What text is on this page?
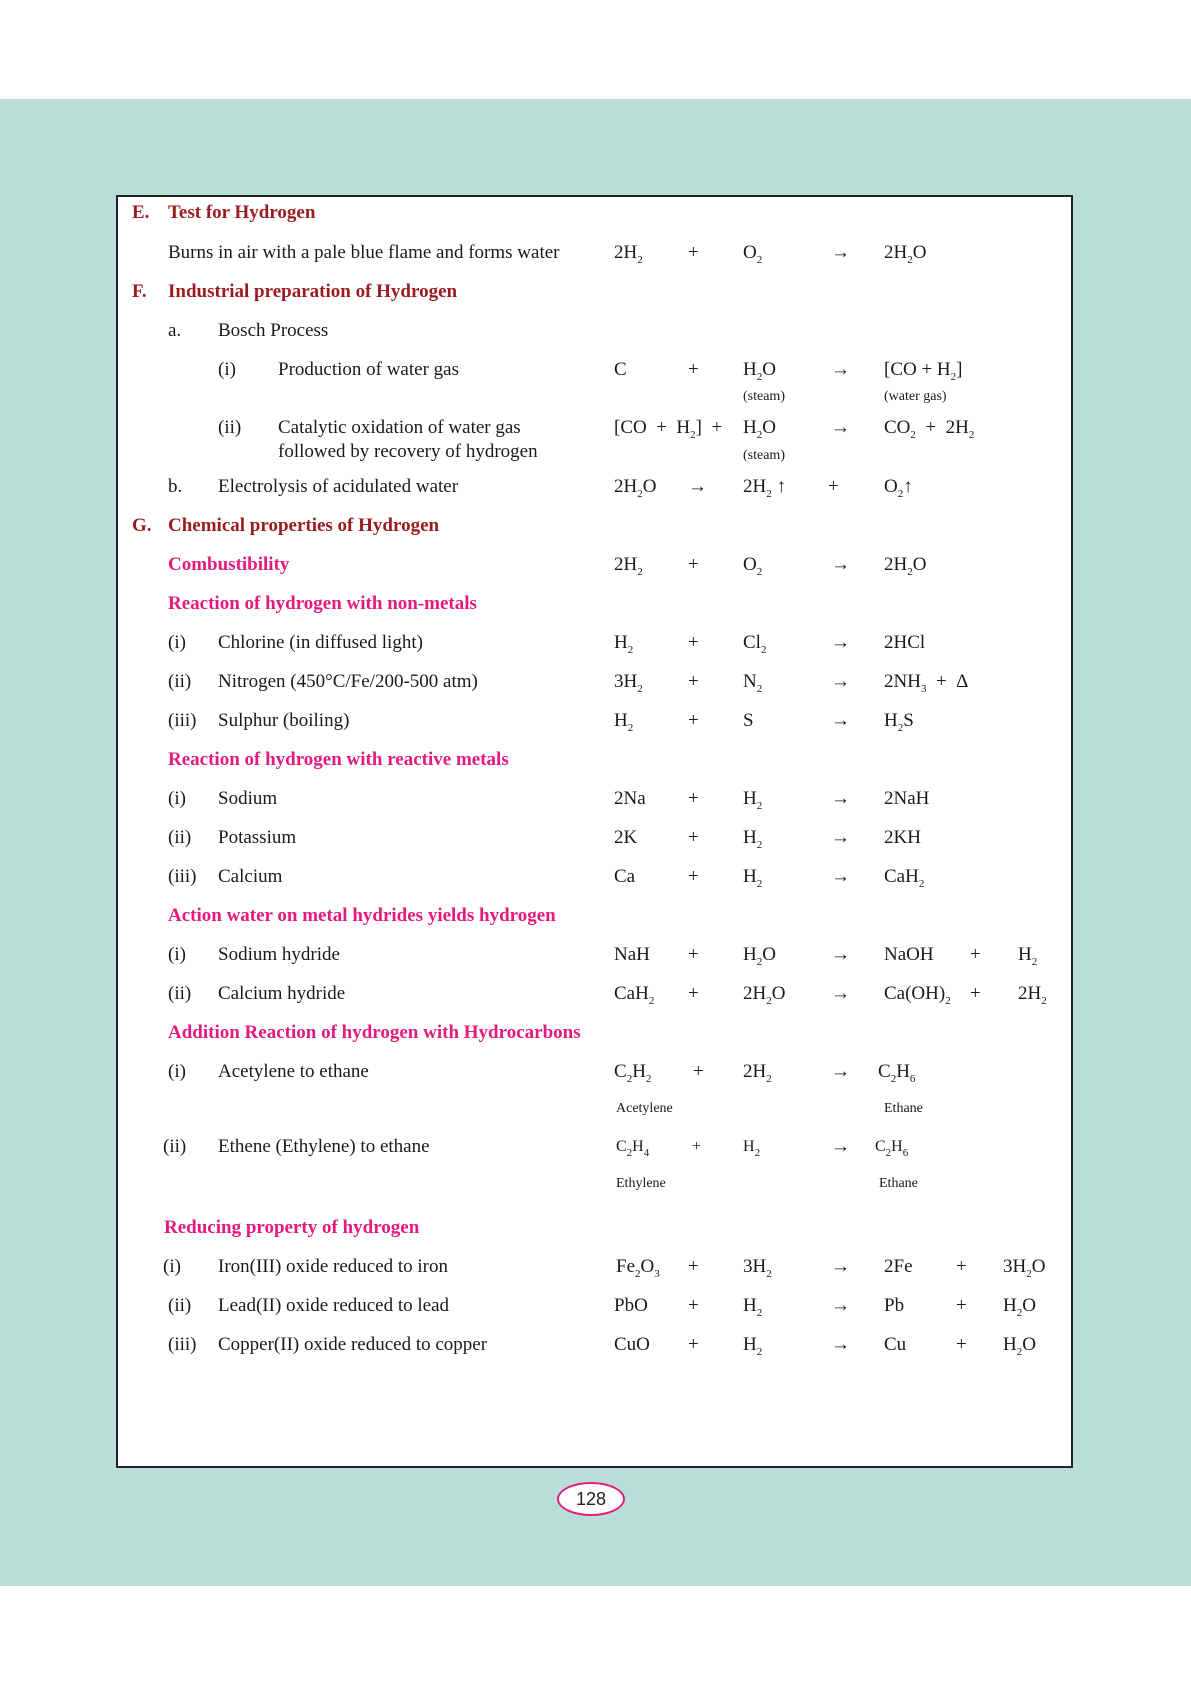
E. Test for Hydrogen
Burns in air with a pale blue flame and forms water	$2H_2 + O_2$	→ $2H_2O$
F. Industrial preparation of Hydrogen
a. Bosch Process
(i) Production of water gas	C	+ $H_2O$	→ $[CO + H_2]$
(steam)	(water gas)
(ii) Catalytic oxidation of water gas	$[CO + H_2] + H_2O$	→ $CO_2 + 2H_2$
followed by recovery of hydrogen	(steam)
b. Electrolysis of acidulated water	$2H_2O \to 2H_2$ ↑ + $O_2↑$
G. Chemical properties of Hydrogen
Combustibility	$2H_2 + O_2$	→ $2H_2O$
Reaction of hydrogen with non-metals
(i) Chlorine (in diffused light)	$H_2$	+ $Cl_2$	→ 2HCl
(ii) Nitrogen (450°C/Fe/200-500 atm)	$3H_2 + N_2$	→ $2NH_3 + \Delta$
(iii) Sulphur (boiling)	$H_2$	+ S	→ $H_2S$
Reaction of hydrogen with reactive metals
(i) Sodium	$2Na + H_2$	→ 2NaH
(ii) Potassium	2K	+ $H_2$	→ 2KH
(iii) Calcium	Ca	+ $H_2$	→ CaH$_2$
Action water on metal hydrides yields hydrogen
(i) Sodium hydride	NaH + $H_2O$	→ NaOH + $H_2$
(ii) Calcium hydride	$CaH_2 + 2H_2O \to Ca(OH)_2 + 2H_2$
Addition Reaction of hydrogen with Hydrocarbons
(i) Acetylene to ethane	$C_2H_2 + 2H_2$	→ $C_2H_6$
Acetylene	Ethane
(ii) Ethene (Ethylene) to ethane	$C_2H_4$	+	$H_2$	→ $C_2H_6$
Ethylene	Ethane
Reducing property of hydrogen
(i) Iron(III) oxide reduced to iron	$Fe_2O_3 + 3H_2$	→ $2Fe + 3H_2O$
(ii) Lead(II) oxide reduced to lead	PbO + $H_2$	→ Pb	+ $H_2O$
(iii) Copper(II) oxide reduced to copper	CuO + $H_2$	→ Cu	+ $H_2O$
128
